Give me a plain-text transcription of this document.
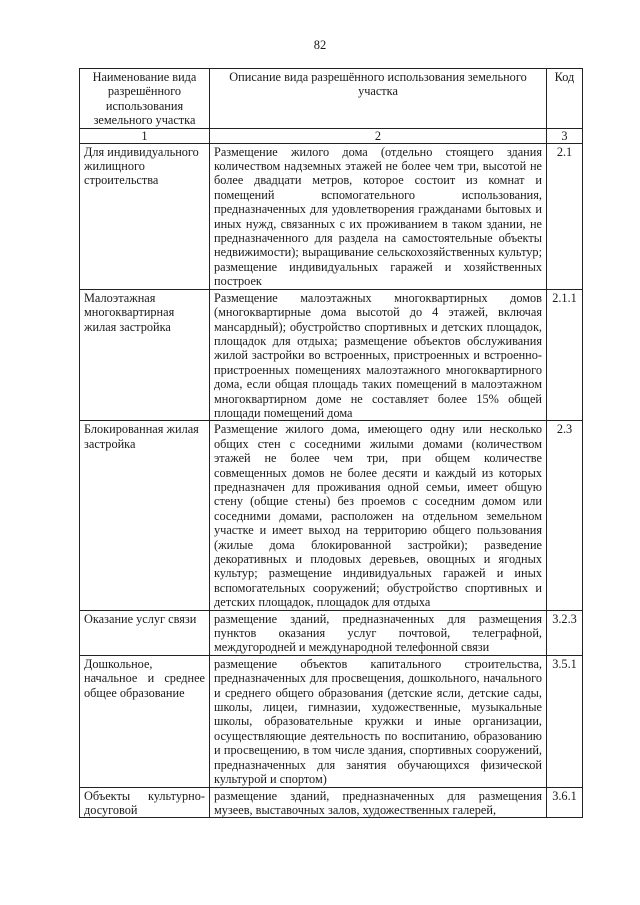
82
Наименование вида разрешённого использования земельного участка	Описание вида разрешённого использования земельного участка	Код
1	2	3
Для индивидуального жилищного строительства	Размещение жилого дома (отдельно стоящего здания количеством надземных этажей не более чем три, высотой не более двадцати метров, которое состоит из комнат и помещений вспомогательного использования, предназначенных для удовлетворения гражданами бытовых и иных нужд, связанных с их проживанием в таком здании, не предназначенного для раздела на самостоятельные объекты недвижимости); выращивание сельскохозяйственных культур; размещение индивидуальных гаражей и хозяйственных построек	2.1
Малоэтажная многоквартирная жилая застройка	Размещение малоэтажных многоквартирных домов (многоквартирные дома высотой до 4 этажей, включая мансардный); обустройство спортивных и детских площадок, площадок для отдыха; размещение объектов обслуживания жилой застройки во встроенных, пристроенных и встроенно-пристроенных помещениях малоэтажного многоквартирного дома, если общая площадь таких помещений в малоэтажном многоквартирном доме не составляет более 15% общей площади помещений дома	2.1.1
Блокированная жилая застройка	Размещение жилого дома, имеющего одну или несколько общих стен с соседними жилыми домами (количеством этажей не более чем три, при общем количестве совмещенных домов не более десяти и каждый из которых предназначен для проживания одной семьи, имеет общую стену (общие стены) без проемов с соседним домом или соседними домами, расположен на отдельном земельном участке и имеет выход на территорию общего пользования (жилые дома блокированной застройки); разведение декоративных и плодовых деревьев, овощных и ягодных культур; размещение индивидуальных гаражей и иных вспомогательных сооружений; обустройство спортивных и детских площадок, площадок для отдыха	2.3
Оказание услуг связи	размещение зданий, предназначенных для размещения пунктов оказания услуг почтовой, телеграфной, междугородней и международной телефонной связи	3.2.3
Дошкольное, начальное и среднее общее образование	размещение объектов капитального строительства, предназначенных для просвещения, дошкольного, начального и среднего общего образования (детские ясли, детские сады, школы, лицеи, гимназии, художественные, музыкальные школы, образовательные кружки и иные организации, осуществляющие деятельность по воспитанию, образованию и просвещению, в том числе здания, спортивных сооружений, предназначенных для занятия обучающихся физической культурой и спортом)	3.5.1
Объекты культурно-досуговой	размещение зданий, предназначенных для размещения музеев, выставочных залов, художественных галерей,	3.6.1
